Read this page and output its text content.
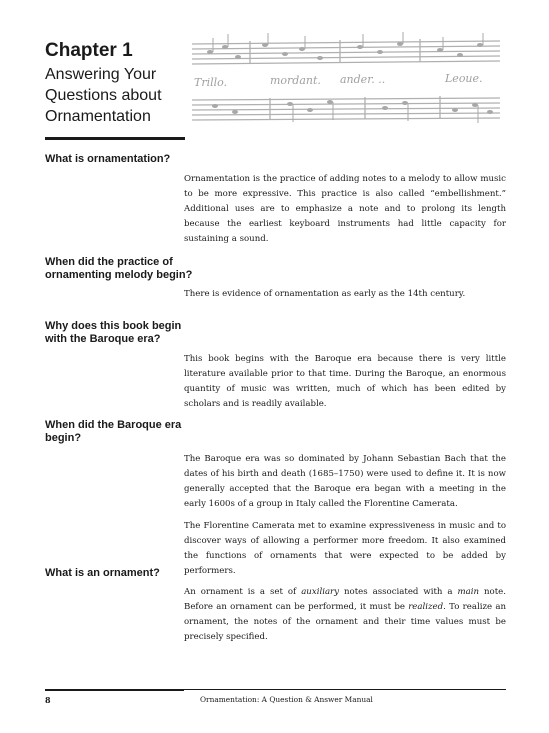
Chapter 1
Answering Your Questions about Ornamentation
Trillo.	mordant. ander. ..	Leoue.
What is ornamentation?

Ornamentation is the practice of adding notes to a melody to allow music to be more expressive. This practice is also called “embellishment.” Additional uses are to emphasize a note and to prolong its length because the earliest keyboard instruments had little capacity for sustaining a sound.

When did the practice of ornamenting melody begin?

There is evidence of ornamentation as early as the 14th century.

Why does this book begin with the Baroque era?

This book begins with the Baroque era because there is very little literature available prior to that time. During the Baroque, an enormous quantity of music was written, much of which has been edited by scholars and is readily available.

When did the Baroque era begin?

The Baroque era was so dominated by Johann Sebastian Bach that the dates of his birth and death (1685–1750) were used to define it. It is now generally accepted that the Baroque era began with a meeting in the early 1600s of a group in Italy called the Florentine Camerata.

The Florentine Camerata met to examine expressiveness in music and to discover ways of allowing a performer more freedom. It also examined the functions of ornaments that were expected to be added by performers.

What is an ornament?

An ornament is a set of auxiliary notes associated with a main note. Before an ornament can be performed, it must be realized. To realize an ornament, the notes of the ornament and their time values must be precisely specified.

8	Ornamentation: A Question & Answer Manual
